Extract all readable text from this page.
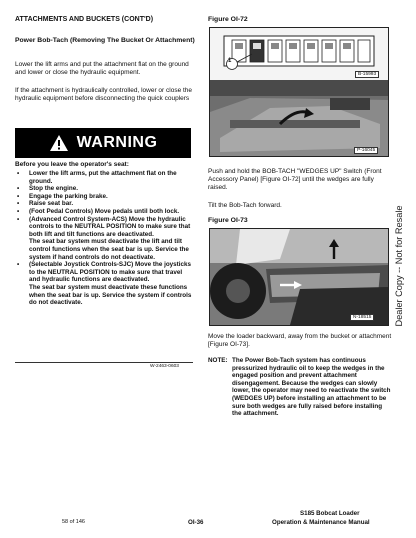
ATTACHMENTS AND BUCKETS (CONT'D)
Power Bob-Tach (Removing The Bucket Or Attachment)
Lower the lift arms and put the attachment flat on the ground and lower or close the hydraulic equipment.
If the attachment is hydraulically controlled, lower or close the hydraulic equipment before disconnecting the quick couplers
WARNING
Before you leave the operator's seat:
• Lower the lift arms, put the attachment flat on the ground.
• Stop the engine.
• Engage the parking brake.
• Raise seat bar.
• (Foot Pedal Controls) Move pedals until both lock.
• (Advanced Control System-ACS) Move the hydraulic controls to the NEUTRAL POSITION to make sure that both lift and tilt functions are deactivated.
The seat bar system must deactivate the lift and tilt control functions when the seat bar is up. Service the system if hand controls do not deactivate.
• (Selectable Joystick Controls-SJC) Move the joysticks to the NEUTRAL POSITION to make sure that travel and hydraulic functions are deactivated.
The seat bar system must deactivate these functions when the seat bar is up. Service the system if controls do not deactivate.
W-2463-0603
Figure OI-72
B-15993
P-16045
1
Push and hold the BOB-TACH "WEDGES UP" Switch (Front Accessory Panel) [Figure OI-72] until the wedges are fully raised.
Tilt the Bob-Tach forward.
Figure OI-73
N-18515
Move the loader backward, away from the bucket or attachment [Figure OI-73].
NOTE: The Power Bob-Tach system has continuous pressurized hydraulic oil to keep the wedges in the engaged position and prevent attachment disengagement. Because the wedges can slowly lower, the operator may need to reactivate the switch (WEDGES UP) before installing an attachment to be sure both wedges are fully raised before installing the attachment.
Dealer Copy -- Not for Resale
S185 Bobcat Loader
Operation & Maintenance Manual
58 of 146	OI-36
